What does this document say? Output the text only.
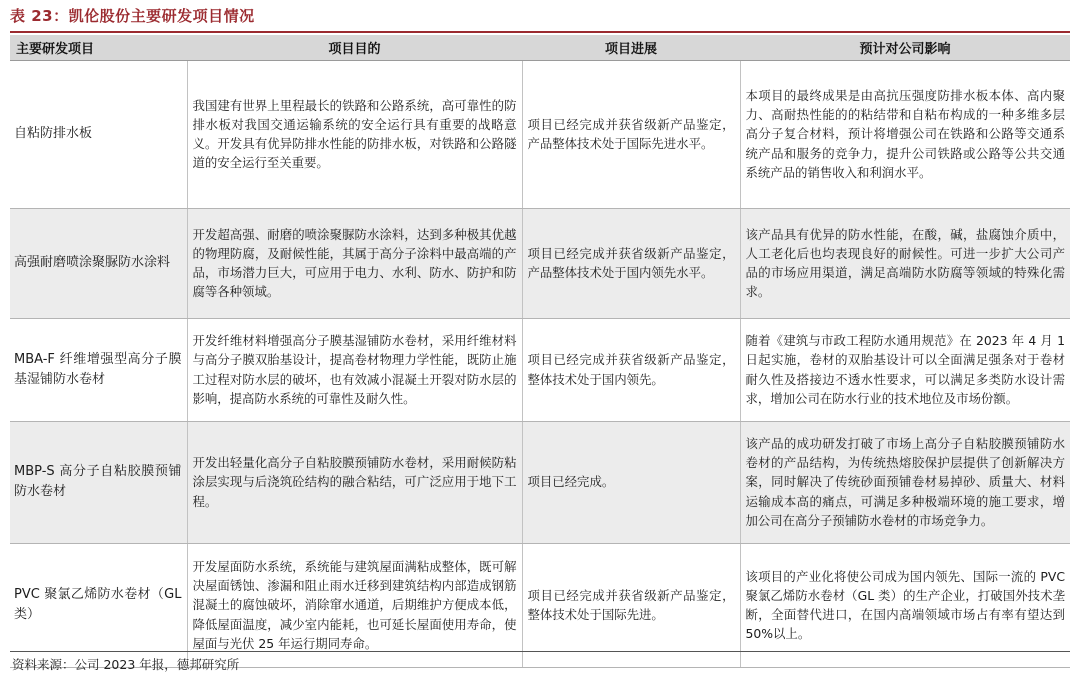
表 23：凯伦股份主要研发项目情况
主要研发项目	项目目的	项目进展	预计对公司影响
自粘防排水板	我国建有世界上里程最长的铁路和公路系统，高可靠性的防排水板对我国交通运输系统的安全运行具有重要的战略意义。开发具有优异防排水性能的防排水板，对铁路和公路隧道的安全运行至关重要。	项目已经完成并获省级新产品鉴定，产品整体技术处于国际先进水平。	本项目的最终成果是由高抗压强度防排水板本体、高内聚力、高耐热性能的的粘结带和自粘布构成的一种多维多层高分子复合材料，预计将增强公司在铁路和公路等交通系统产品和服务的竞争力，提升公司铁路或公路等公共交通系统产品的销售收入和利润水平。
高强耐磨喷涂聚脲防水涂料	开发超高强、耐磨的喷涂聚脲防水涂料，达到多种极其优越的物理防腐，及耐候性能，其属于高分子涂料中最高端的产品，市场潜力巨大，可应用于电力、水利、防水、防护和防腐等各种领域。	项目已经完成并获省级新产品鉴定，产品整体技术处于国内领先水平。	该产品具有优异的防水性能，在酸，碱，盐腐蚀介质中，人工老化后也均表现良好的耐候性。可进一步扩大公司产品的市场应用渠道，满足高端防水防腐等领域的特殊化需求。
MBA-F 纤维增强型高分子膜基湿铺防水卷材	开发纤维材料增强高分子膜基湿铺防水卷材，采用纤维材料与高分子膜双胎基设计，提高卷材物理力学性能，既防止施工过程对防水层的破坏，也有效减小混凝土开裂对防水层的影响，提高防水系统的可靠性及耐久性。	项目已经完成并获省级新产品鉴定，整体技术处于国内领先。	随着《建筑与市政工程防水通用规范》在 2023 年 4 月 1 日起实施，卷材的双胎基设计可以全面满足强条对于卷材耐久性及搭接边不透水性要求，可以满足多类防水设计需求，增加公司在防水行业的技术地位及市场份额。
MBP-S 高分子自粘胶膜预铺防水卷材	开发出轻量化高分子自粘胶膜预铺防水卷材，采用耐候防粘涂层实现与后浇筑砼结构的融合粘结，可广泛应用于地下工程。	项目已经完成。	该产品的成功研发打破了市场上高分子自粘胶膜预铺防水卷材的产品结构，为传统热熔胶保护层提供了创新解决方案，同时解决了传统砂面预铺卷材易掉砂、质量大、材料运输成本高的痛点，可满足多种极端环境的施工要求，增加公司在高分子预铺防水卷材的市场竞争力。
PVC 聚氯乙烯防水卷材（GL 类）	开发屋面防水系统，系统能与建筑屋面满粘成整体，既可解决屋面锈蚀、渗漏和阻止雨水迁移到建筑结构内部造成钢筋混凝土的腐蚀破坏，消除窜水通道，后期维护方便成本低，降低屋面温度，减少室内能耗，也可延长屋面使用寿命，使屋面与光伏 25 年运行期同寿命。	项目已经完成并获省级新产品鉴定，整体技术处于国际先进。	该项目的产业化将使公司成为国内领先、国际一流的 PVC 聚氯乙烯防水卷材（GL 类）的生产企业，打破国外技术垄断，全面替代进口，在国内高端领域市场占有率有望达到 50%以上。
资料来源：公司 2023 年报，德邦研究所
